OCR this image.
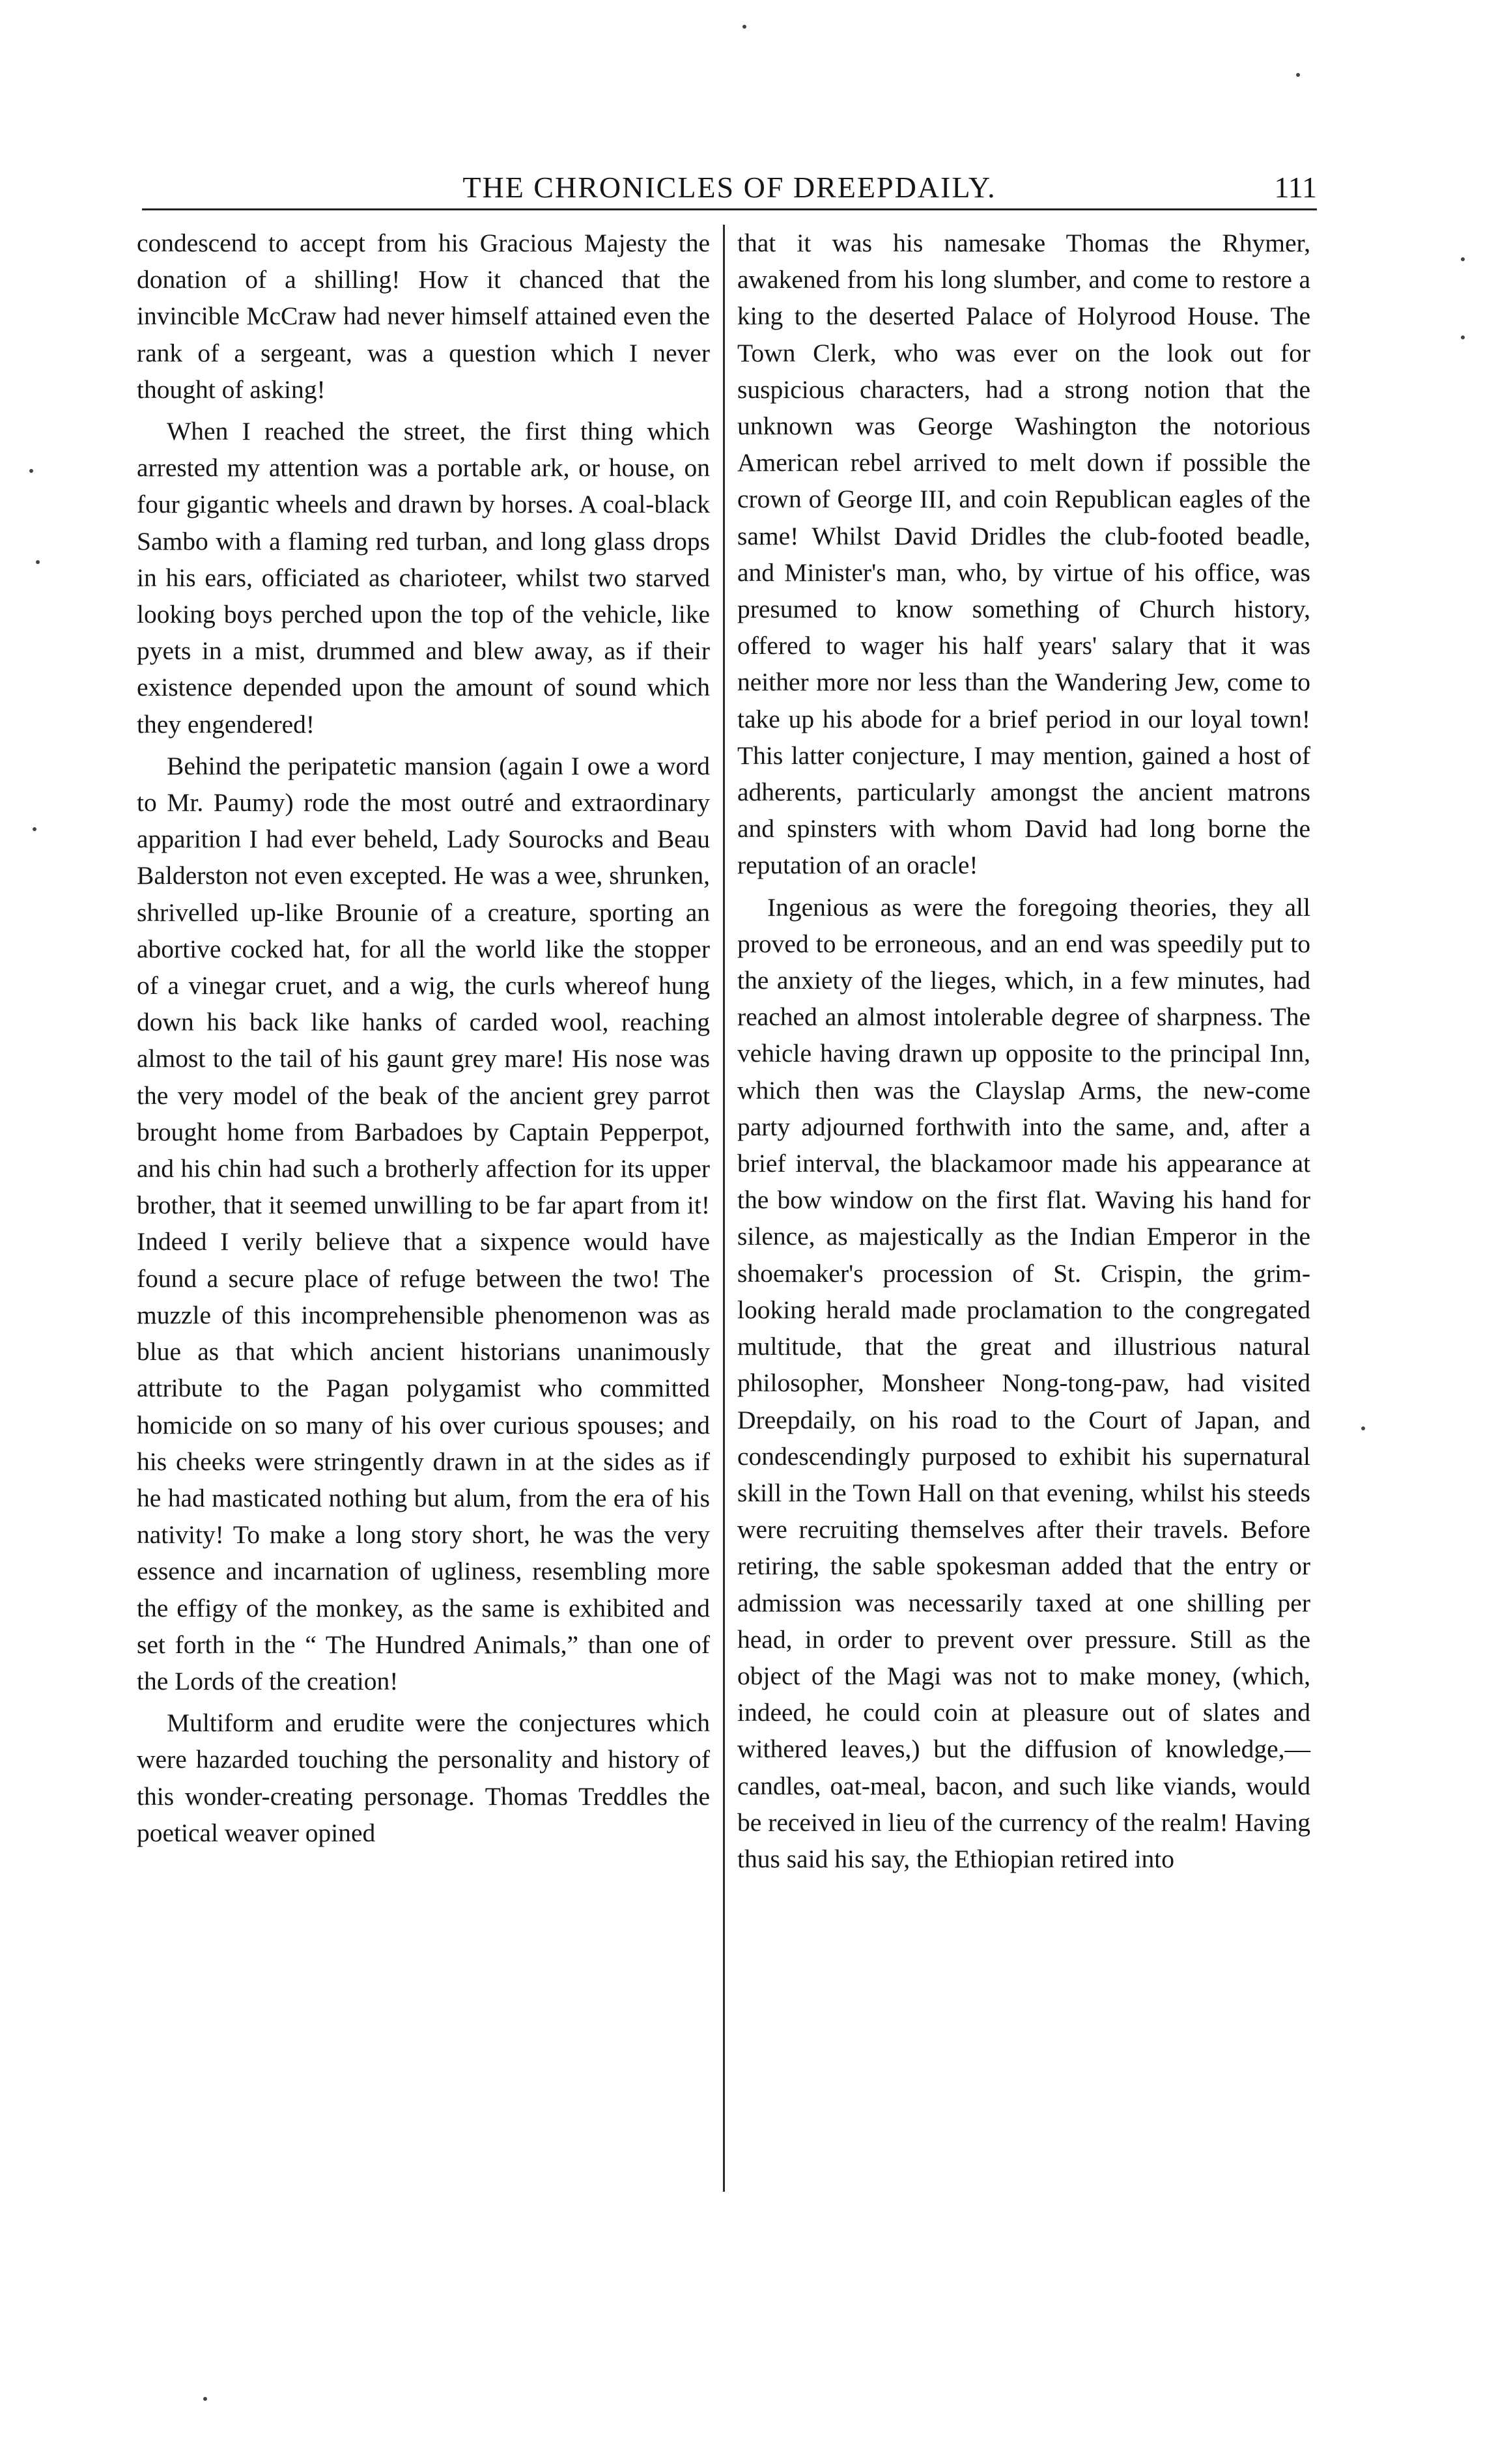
THE CHRONICLES OF DREEPDAILY.	111

condescend to accept from his Gracious Majesty the donation of a shilling! How it chanced that the invincible McCraw had never himself attained even the rank of a sergeant, was a question which I never thought of asking!

When I reached the street, the first thing which arrested my attention was a portable ark, or house, on four gigantic wheels and drawn by horses. A coal-black Sambo with a flaming red turban, and long glass drops in his ears, officiated as charioteer, whilst two starved looking boys perched upon the top of the vehicle, like pyets in a mist, drummed and blew away, as if their existence depended upon the amount of sound which they engendered!

Behind the peripatetic mansion (again I owe a word to Mr. Paumy) rode the most outré and extraordinary apparition I had ever beheld, Lady Sourocks and Beau Balderston not even excepted. He was a wee, shrunken, shrivelled up-like Brounie of a creature, sporting an abortive cocked hat, for all the world like the stopper of a vinegar cruet, and a wig, the curls whereof hung down his back like hanks of carded wool, reaching almost to the tail of his gaunt grey mare! His nose was the very model of the beak of the ancient grey parrot brought home from Barbadoes by Captain Pepperpot, and his chin had such a brotherly affection for its upper brother, that it seemed unwilling to be far apart from it! Indeed I verily believe that a sixpence would have found a secure place of refuge between the two! The muzzle of this incomprehensible phenomenon was as blue as that which ancient historians unanimously attribute to the Pagan polygamist who committed homicide on so many of his over curious spouses; and his cheeks were stringently drawn in at the sides as if he had masticated nothing but alum, from the era of his nativity! To make a long story short, he was the very essence and incarnation of ugliness, resembling more the effigy of the monkey, as the same is exhibited and set forth in the “ The Hundred Animals,” than one of the Lords of the creation!

Multiform and erudite were the conjectures which were hazarded touching the personality and history of this wonder-creating personage. Thomas Treddles the poetical weaver opined

that it was his namesake Thomas the Rhymer, awakened from his long slumber, and come to restore a king to the deserted Palace of Holyrood House. The Town Clerk, who was ever on the look out for suspicious characters, had a strong notion that the unknown was George Washington the notorious American rebel arrived to melt down if possible the crown of George III, and coin Republican eagles of the same! Whilst David Dridles the club-footed beadle, and Minister's man, who, by virtue of his office, was presumed to know something of Church history, offered to wager his half years' salary that it was neither more nor less than the Wandering Jew, come to take up his abode for a brief period in our loyal town! This latter conjecture, I may mention, gained a host of adherents, particularly amongst the ancient matrons and spinsters with whom David had long borne the reputation of an oracle!

Ingenious as were the foregoing theories, they all proved to be erroneous, and an end was speedily put to the anxiety of the lieges, which, in a few minutes, had reached an almost intolerable degree of sharpness. The vehicle having drawn up opposite to the principal Inn, which then was the Clayslap Arms, the new-come party adjourned forthwith into the same, and, after a brief interval, the blackamoor made his appearance at the bow window on the first flat. Waving his hand for silence, as majestically as the Indian Emperor in the shoemaker's procession of St. Crispin, the grim-looking herald made proclamation to the congregated multitude, that the great and illustrious natural philosopher, Monsheer Nong-tong-paw, had visited Dreepdaily, on his road to the Court of Japan, and condescendingly purposed to exhibit his supernatural skill in the Town Hall on that evening, whilst his steeds were recruiting themselves after their travels. Before retiring, the sable spokesman added that the entry or admission was necessarily taxed at one shilling per head, in order to prevent over pressure. Still as the object of the Magi was not to make money, (which, indeed, he could coin at pleasure out of slates and withered leaves,) but the diffusion of knowledge,—candles, oat-meal, bacon, and such like viands, would be received in lieu of the currency of the realm! Having thus said his say, the Ethiopian retired into
